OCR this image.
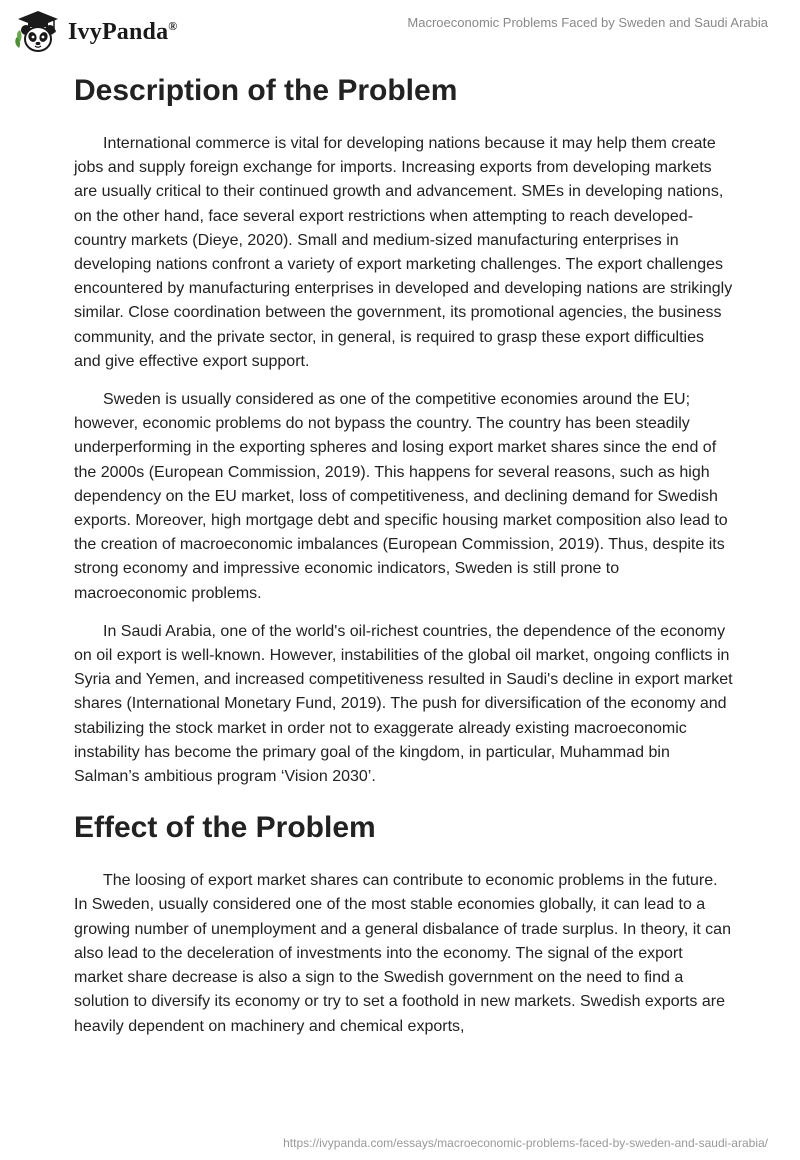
IvyPanda®	Macroeconomic Problems Faced by Sweden and Saudi Arabia
Description of the Problem

International commerce is vital for developing nations because it may help them create jobs and supply foreign exchange for imports. Increasing exports from developing markets are usually critical to their continued growth and advancement. SMEs in developing nations, on the other hand, face several export restrictions when attempting to reach developed-country markets (Dieye, 2020). Small and medium-sized manufacturing enterprises in developing nations confront a variety of export marketing challenges. The export challenges encountered by manufacturing enterprises in developed and developing nations are strikingly similar. Close coordination between the government, its promotional agencies, the business community, and the private sector, in general, is required to grasp these export difficulties and give effective export support.

Sweden is usually considered as one of the competitive economies around the EU; however, economic problems do not bypass the country. The country has been steadily underperforming in the exporting spheres and losing export market shares since the end of the 2000s (European Commission, 2019). This happens for several reasons, such as high dependency on the EU market, loss of competitiveness, and declining demand for Swedish exports. Moreover, high mortgage debt and specific housing market composition also lead to the creation of macroeconomic imbalances (European Commission, 2019). Thus, despite its strong economy and impressive economic indicators, Sweden is still prone to macroeconomic problems.

In Saudi Arabia, one of the world's oil-richest countries, the dependence of the economy on oil export is well-known. However, instabilities of the global oil market, ongoing conflicts in Syria and Yemen, and increased competitiveness resulted in Saudi's decline in export market shares (International Monetary Fund, 2019). The push for diversification of the economy and stabilizing the stock market in order not to exaggerate already existing macroeconomic instability has become the primary goal of the kingdom, in particular, Muhammad bin Salman’s ambitious program ‘Vision 2030’.

Effect of the Problem

The loosing of export market shares can contribute to economic problems in the future. In Sweden, usually considered one of the most stable economies globally, it can lead to a growing number of unemployment and a general disbalance of trade surplus. In theory, it can also lead to the deceleration of investments into the economy. The signal of the export market share decrease is also a sign to the Swedish government on the need to find a solution to diversify its economy or try to set a foothold in new markets. Swedish exports are heavily dependent on machinery and chemical exports,

https://ivypanda.com/essays/macroeconomic-problems-faced-by-sweden-and-saudi-arabia/
